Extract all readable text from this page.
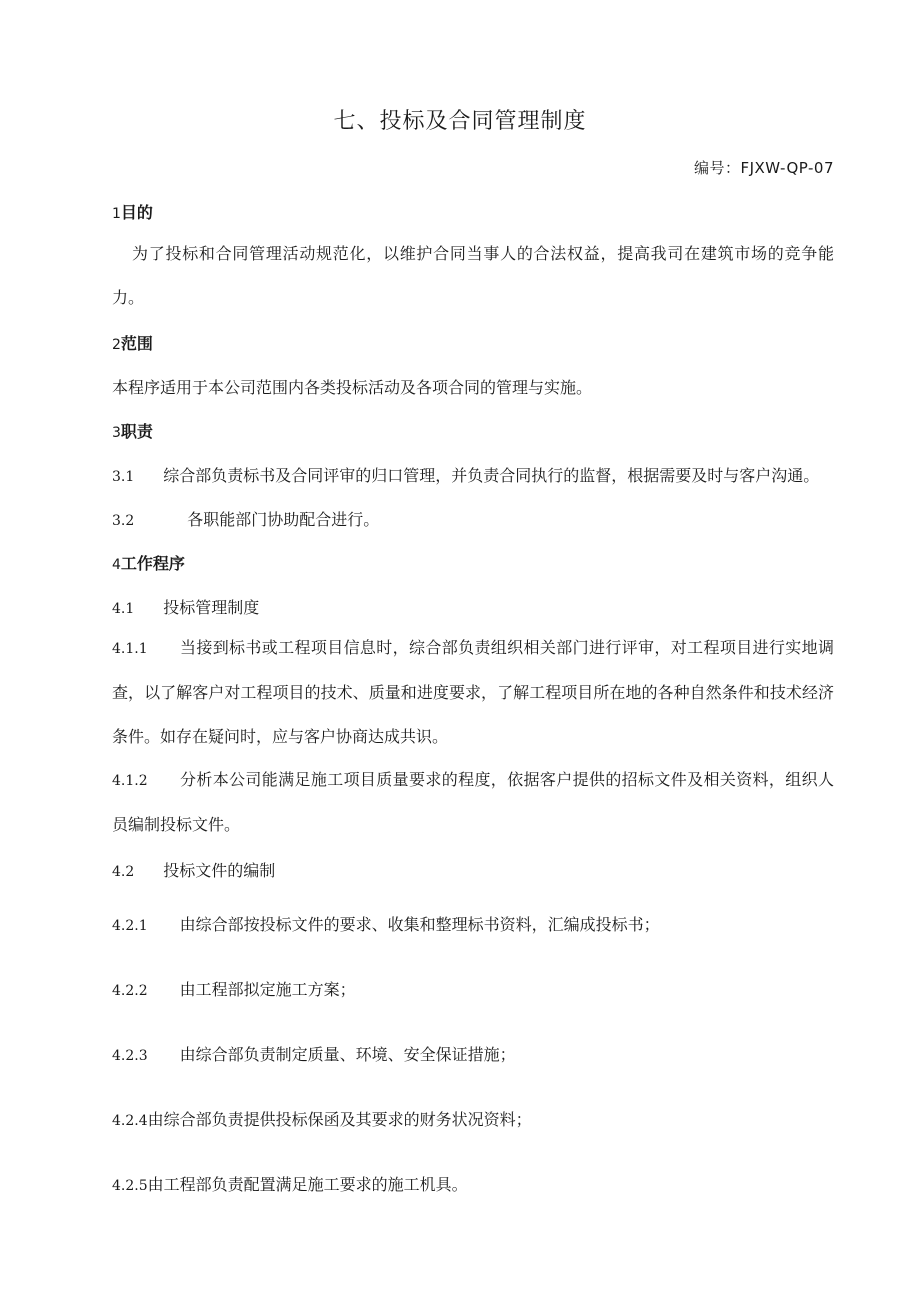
七、投标及合同管理制度
编号：FJXW-QP-07
1目的
为了投标和合同管理活动规范化，以维护合同当事人的合法权益，提高我司在建筑市场的竞争能力。
2范围
本程序适用于本公司范围内各类投标活动及各项合同的管理与实施。
3职责
3.1 综合部负责标书及合同评审的归口管理，并负责合同执行的监督，根据需要及时与客户沟通。
3.2	各职能部门协助配合进行。
4工作程序
4.1 投标管理制度
4.1.1 当接到标书或工程项目信息时，综合部负责组织相关部门进行评审，对工程项目进行实地调查，以了解客户对工程项目的技术、质量和进度要求，了解工程项目所在地的各种自然条件和技术经济条件。如存在疑问时，应与客户协商达成共识。
4.1.2 分析本公司能满足施工项目质量要求的程度，依据客户提供的招标文件及相关资料，组织人员编制投标文件。
4.2 投标文件的编制
4.2.1 由综合部按投标文件的要求、收集和整理标书资料，汇编成投标书；
4.2.2 由工程部拟定施工方案；
4.2.3 由综合部负责制定质量、环境、安全保证措施；
4.2.4由综合部负责提供投标保函及其要求的财务状况资料；
4.2.5由工程部负责配置满足施工要求的施工机具。
